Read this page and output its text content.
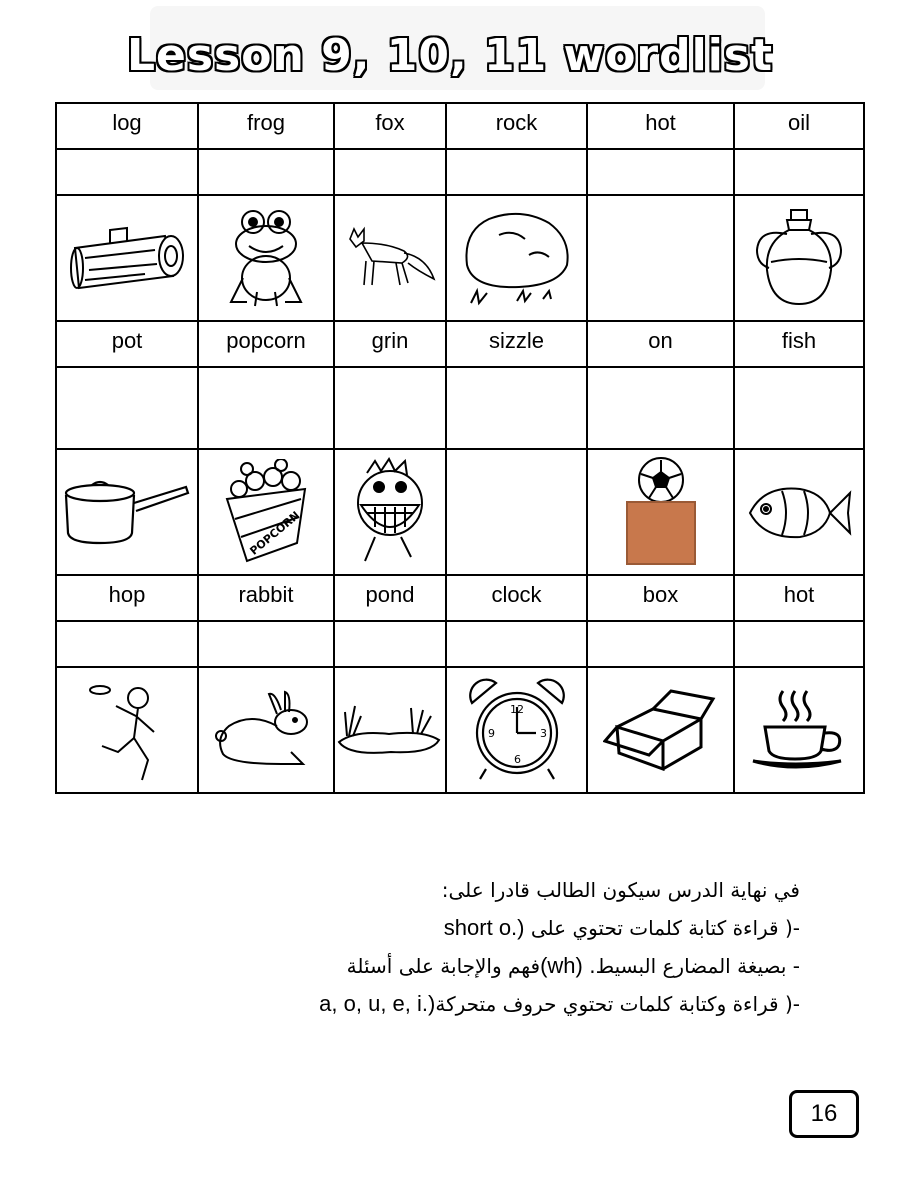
Lesson 9, 10, 11 wordlist
log	frog	fox	rock	hot	oil

pot	popcorn	grin	sizzle	on	fish

POPCORN

hop	rabbit	pond	clock	box	hot

12
3
6
9

في نهاية الدرس سيكون الطالب قادرا على:
-( قراءة كتابة كلمات تحتوي على short o.)
- بصيغة المضارع البسيط. (wh)فهم والإجابة على أسئلة
-( قراءة وكتابة كلمات تحتوي حروف متحركةa, o, u, e, i.)
16
